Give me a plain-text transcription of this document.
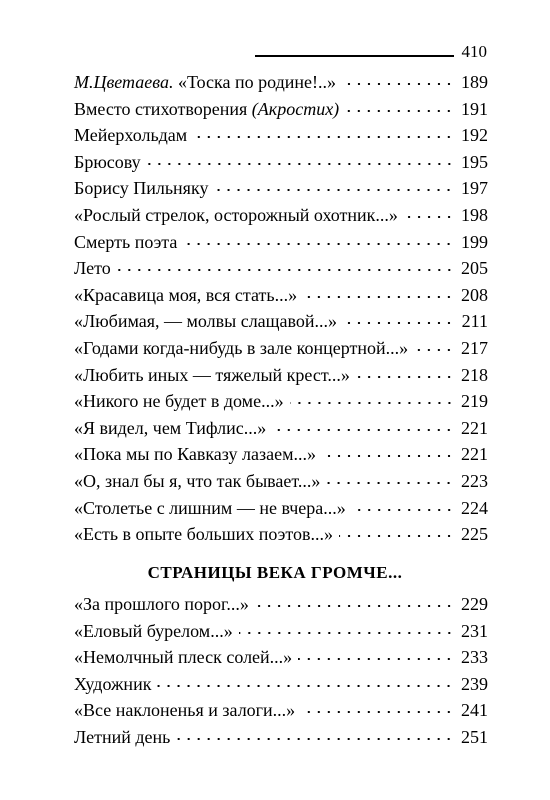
410
М.Цветаева. «Тоска по родине!..»	189
Вместо стихотворения (Акростих)	191
Мейерхольдам	192
Брюсову	195
Борису Пильняку	197
«Рослый стрелок, осторожный охотник...»	198
Смерть поэта	199
Лето	205
«Красавица моя, вся стать...»	208
«Любимая, — молвы слащавой...»	211
«Годами когда-нибудь в зале концертной...»	217
«Любить иных — тяжелый крест...»	218
«Никого не будет в доме...»	219
«Я видел, чем Тифлис...»	221
«Пока мы по Кавказу лазаем...»	221
«О, знал бы я, что так бывает...»	223
«Столетье с лишним — не вчера...»	224
«Есть в опыте больших поэтов...»	225
СТРАНИЦЫ ВЕКА ГРОМЧЕ...
«За прошлого порог...»	229
«Еловый бурелом...»	231
«Немолчный плеск солей...»	233
Художник	239
«Все наклоненья и залоги...»	241
Летний день	251
